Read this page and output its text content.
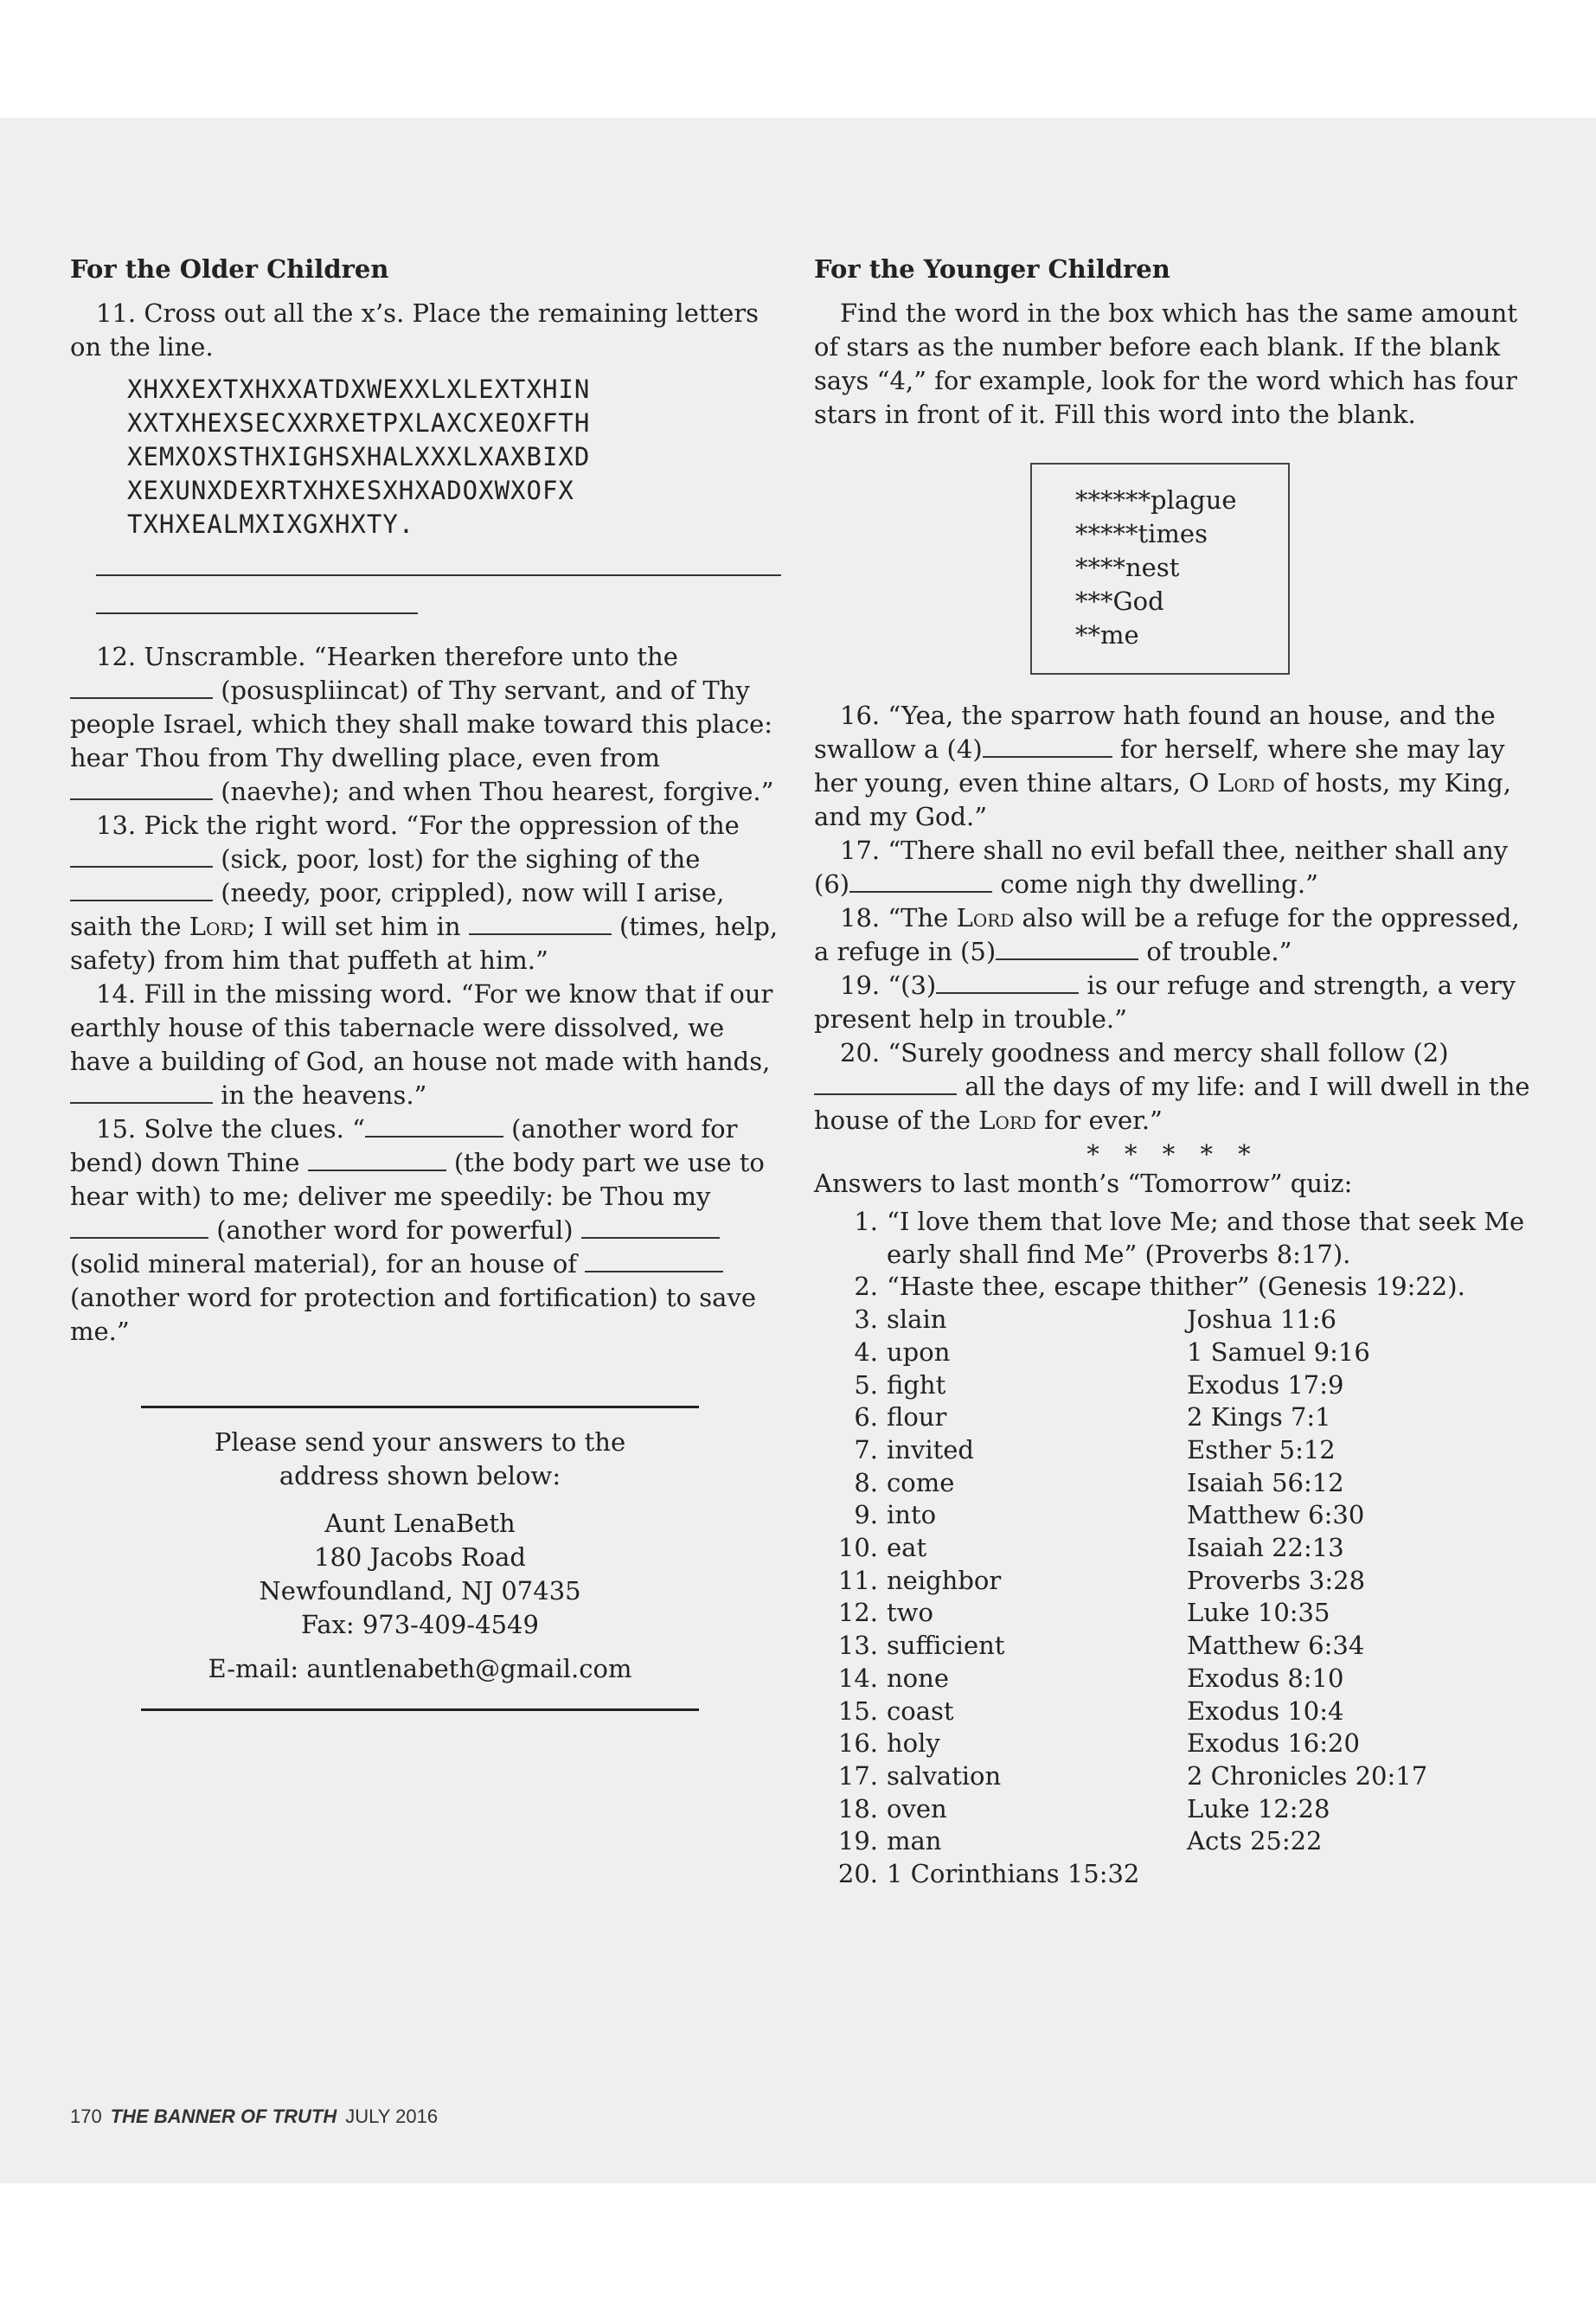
For the Older Children

11. Cross out all the x’s. Place the remaining letters on the line.

XHXXEXTXHXXATDXWEXXLXLEXTXHIN
XXTXHEXSECXXRXETPXLAXCXEOXFTH
XEMXOXSTHXIGHSXHALXXXLXAXBIXD
XEXUNXDEXRTXHXESXHXADOXWXOFX
TXHXEALMXIXGXHXTY.

12. Unscramble. “Hearken therefore unto the  (posuspliincat) of Thy servant, and of Thy people Israel, which they shall make toward this place: hear Thou from Thy dwelling place, even from  (naevhe); and when Thou hearest, forgive.”

13. Pick the right word. “For the oppression of the  (sick, poor, lost) for the sighing of the  (needy, poor, crippled), now will I arise, saith the Lord; I will set him in	(times, help, safety) from him that puffeth at him.”

14. Fill in the missing word. “For we know that if our earthly house of this tabernacle were dissolved, we have a building of God, an house not made with hands,  in the heavens.”

15. Solve the clues. “	(another word for bend) down Thine	(the body part we use to hear with) to me; deliver me speedily: be Thou my  (another word for powerful)  (solid mineral material), for an house of  (another word for protection and fortification) to save me.”

Please send your answers to the

address shown below:

Aunt LenaBeth

180 Jacobs Road

Newfoundland, NJ 07435

Fax: 973-409-4549

E-mail: auntlenabeth@gmail.com

For the Younger Children

Find the word in the box which has the same amount of stars as the number before each blank. If the blank says “4,” for example, look for the word which has four stars in front of it. Fill this word into the blank.

******plague
*****times
****nest
***God
**me

16. “Yea, the sparrow hath found an house, and the swallow a (4)	for herself, where she may lay her young, even thine altars, O Lord of hosts, my King, and my God.”

17. “There shall no evil befall thee, neither shall any (6)	come nigh thy dwelling.”

18. “The Lord also will be a refuge for the oppressed, a refuge in (5)	of trouble.”

19. “(3)	is our refuge and strength, a very present help in trouble.”

20. “Surely goodness and mercy shall follow (2) all the days of my life: and I will dwell in the house of the Lord for ever.”

* * * * *

Answers to last month’s “Tomorrow” quiz:

1. “I love them that love Me; and those that seek Me early shall find Me” (Proverbs 8:17).
2. “Haste thee, escape thither” (Genesis 19:22).
3. slain	Joshua 11:6
4. upon	1 Samuel 9:16
5. fight	Exodus 17:9
6. flour	2 Kings 7:1
7. invited	Esther 5:12
8. come	Isaiah 56:12
9. into	Matthew 6:30
10. eat	Isaiah 22:13
11. neighbor	Proverbs 3:28
12. two	Luke 10:35
13. sufficient	Matthew 6:34
14. none	Exodus 8:10
15. coast	Exodus 10:4
16. holy	Exodus 16:20
17. salvation	2 Chronicles 20:17
18. oven	Luke 12:28
19. man	Acts 25:22
20. 1 Corinthians 15:32
170 THE BANNER OF TRUTH JULY 2016
